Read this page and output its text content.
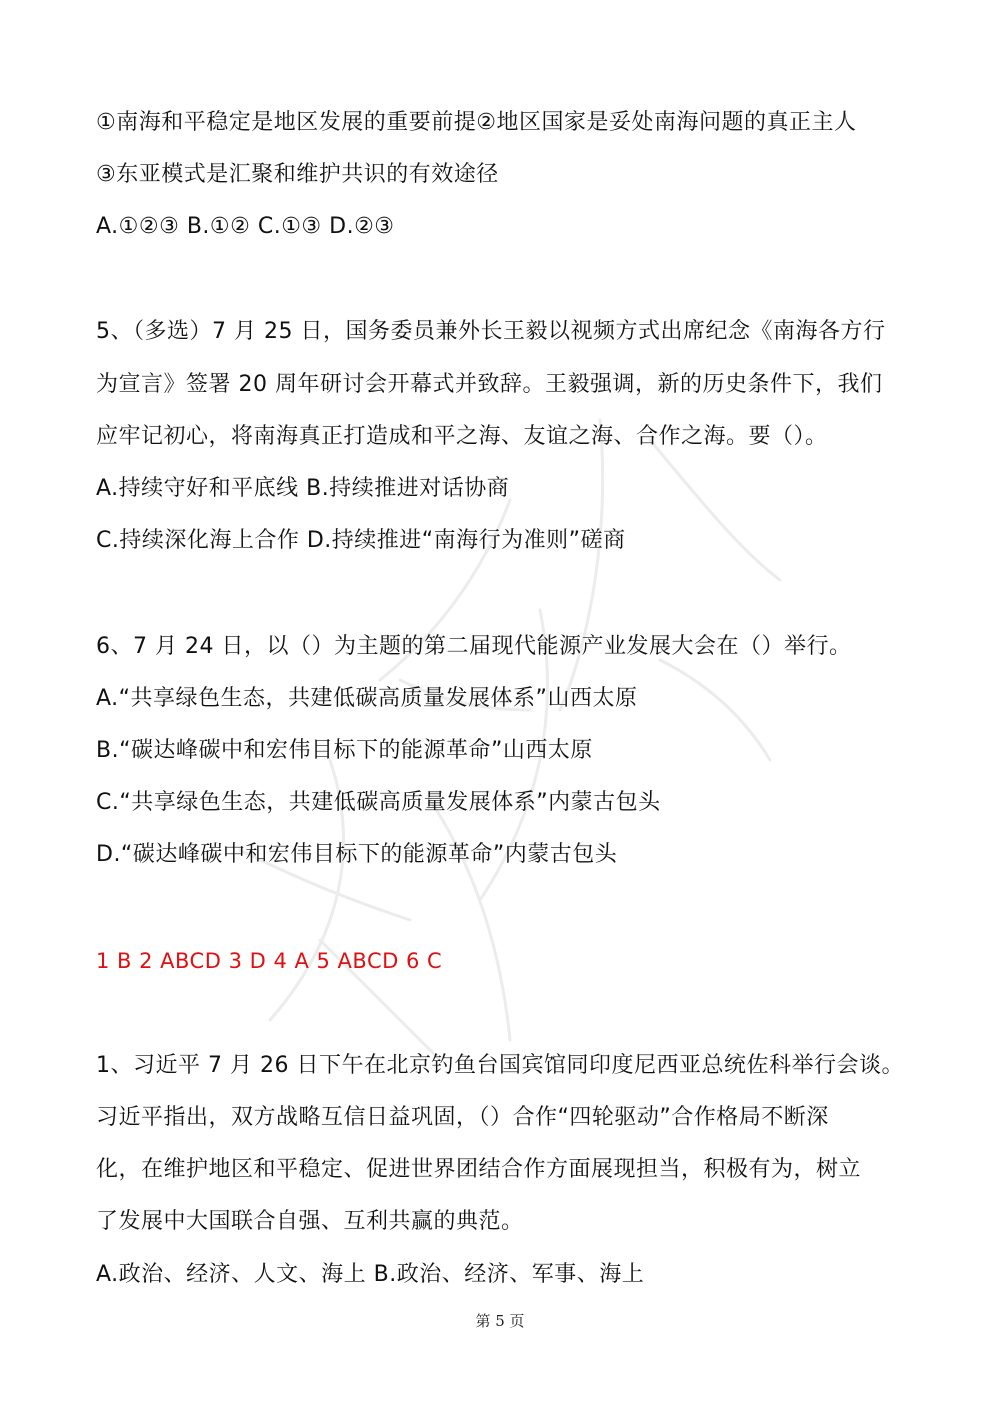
①南海和平稳定是地区发展的重要前提②地区国家是妥处南海问题的真正主人
③东亚模式是汇聚和维护共识的有效途径
A.①②③ B.①② C.①③ D.②③
5、（多选）7 月 25 日，国务委员兼外长王毅以视频方式出席纪念《南海各方行
为宣言》签署 20 周年研讨会开幕式并致辞。王毅强调，新的历史条件下，我们
应牢记初心，将南海真正打造成和平之海、友谊之海、合作之海。要（）。
A.持续守好和平底线 B.持续推进对话协商
C.持续深化海上合作 D.持续推进“南海行为准则”磋商
6、7 月 24 日，以（）为主题的第二届现代能源产业发展大会在（）举行。
A.“共享绿色生态，共建低碳高质量发展体系”山西太原
B.“碳达峰碳中和宏伟目标下的能源革命”山西太原
C.“共享绿色生态，共建低碳高质量发展体系”内蒙古包头
D.“碳达峰碳中和宏伟目标下的能源革命”内蒙古包头
1 B 2 ABCD 3 D 4 A 5 ABCD 6 C
1、习近平 7 月 26 日下午在北京钓鱼台国宾馆同印度尼西亚总统佐科举行会谈。
习近平指出，双方战略互信日益巩固，（）合作“四轮驱动”合作格局不断深
化，在维护地区和平稳定、促进世界团结合作方面展现担当，积极有为，树立
了发展中大国联合自强、互利共赢的典范。
A.政治、经济、人文、海上 B.政治、经济、军事、海上
第 5 页
